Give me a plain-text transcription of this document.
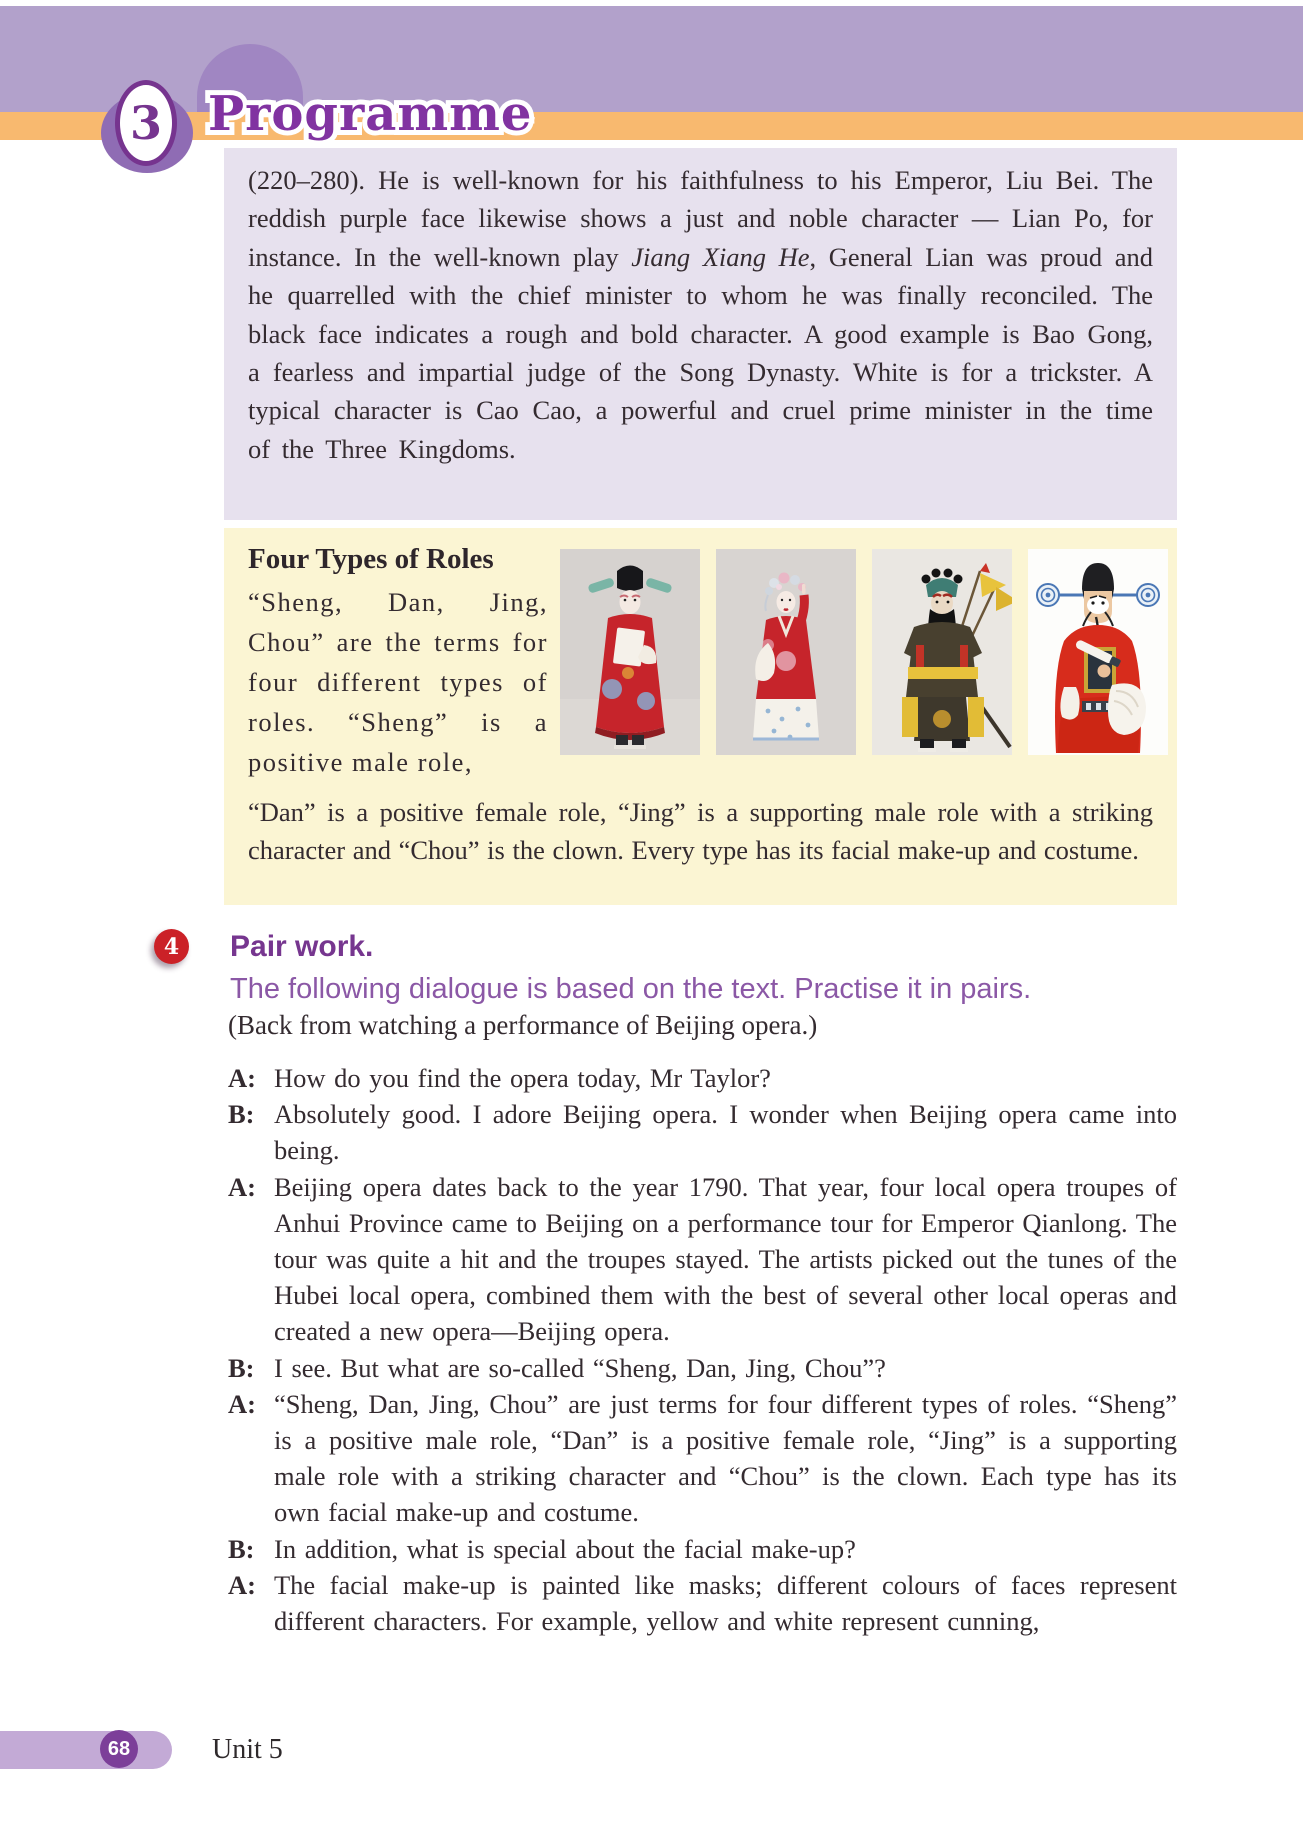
3 Programme Programme

(220–280). He is well-known for his faithfulness to his Emperor, Liu Bei. The reddish purple face likewise shows a just and noble character — Lian Po, for instance. In the well-known play Jiang Xiang He, General Lian was proud and he quarrelled with the chief minister to whom he was finally reconciled. The black face indicates a rough and bold character. A good example is Bao Gong, a fearless and impartial judge of the Song Dynasty. White is for a trickster. A typical character is Cao Cao, a powerful and cruel prime minister in the time of the Three Kingdoms.

Four Types of Roles

“Sheng, Dan, Jing, Chou” are the terms for four different types of roles. “Sheng” is a positive male role,

“Dan” is a positive female role, “Jing” is a supporting male role with a striking character and “Chou” is the clown. Every type has its facial make-up and costume.

4 Pair work.

The following dialogue is based on the text. Practise it in pairs.

(Back from watching a performance of Beijing opera.)

A: How do you find the opera today, Mr Taylor?

B: Absolutely good. I adore Beijing opera. I wonder when Beijing opera came into being.

A: Beijing opera dates back to the year 1790. That year, four local opera troupes of Anhui Province came to Beijing on a performance tour for Emperor Qianlong. The tour was quite a hit and the troupes stayed. The artists picked out the tunes of the Hubei local opera, combined them with the best of several other local operas and created a new opera—Beijing opera.

B: I see. But what are so-called “Sheng, Dan, Jing, Chou”?

A: “Sheng, Dan, Jing, Chou” are just terms for four different types of roles. “Sheng” is a positive male role, “Dan” is a positive female role, “Jing” is a supporting male role with a striking character and “Chou” is the clown. Each type has its own facial make-up and costume.

B: In addition, what is special about the facial make-up?

A: The facial make-up is painted like masks; different colours of faces represent different characters. For example, yellow and white represent cunning,

68	Unit 5
